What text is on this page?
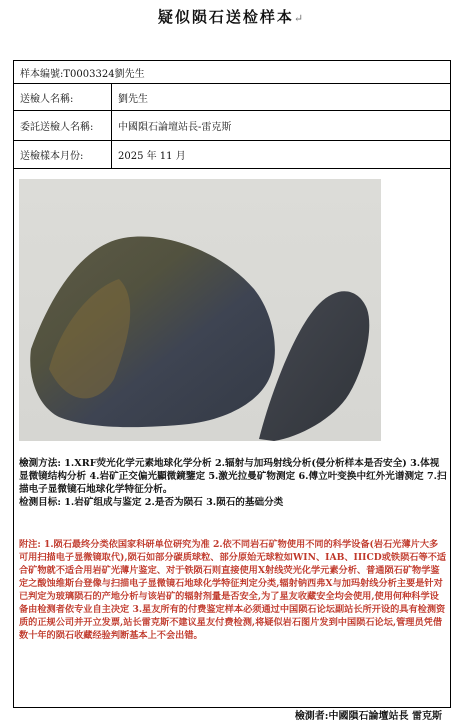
疑似陨石送检样本↵
样本编號:T0003324劉先生
送檢人名稱:	劉先生
委託送檢人名稱:	中國隕石論壇站長-雷克斯
送檢樣本月份:	2025 年 11 月
檢測方法: 1.XRF荧光化学元素地球化学分析 2.辐射与加玛射线分析(侵分析样本是否安全) 3.体视显微镜结构分析 4.岩矿正交偏光顯微鏡鑒定 5.激光拉曼矿物测定 6.傅立叶变换中红外光谱测定 7.扫描电子显微镜石地球化学特征分析。
检测目标: 1.岩矿组成与鉴定 2.是否为陨石 3.陨石的基础分类
附注: 1.陨石最终分类依国家科研单位研究为准 2.依不同岩石矿物使用不同的科学设备(岩石光薄片大多可用扫描电子显微镜取代),陨石如部分碳质球粒、部分原始无球粒如WIN、IAB、IIICD或铁陨石等不适合矿物就不适合用岩矿光薄片鉴定、对于铁陨石则直接使用X射线荧光化学元素分析、普通陨石矿物学鉴定之酸蚀维斯台登像与扫描电子显微镜石地球化学特征判定分类,辐射钠西弗X与加玛射线分析主要是针对已判定为玻璃陨石的产地分析与该岩矿的辐射剂量是否安全,为了星友收藏安全均会使用,使用何种科学设备由检测者依专业自主决定 3.星友所有的付费鉴定样本必须通过中国陨石论坛副站长所开设的具有检测资质的正规公司并开立发票,站长雷克斯不建议星友付费检测,将疑似岩石图片发到中国陨石论坛,管理员凭借数十年的陨石收藏经验判断基本上不会出错。
檢測者:中國隕石論壇站長 雷克斯
